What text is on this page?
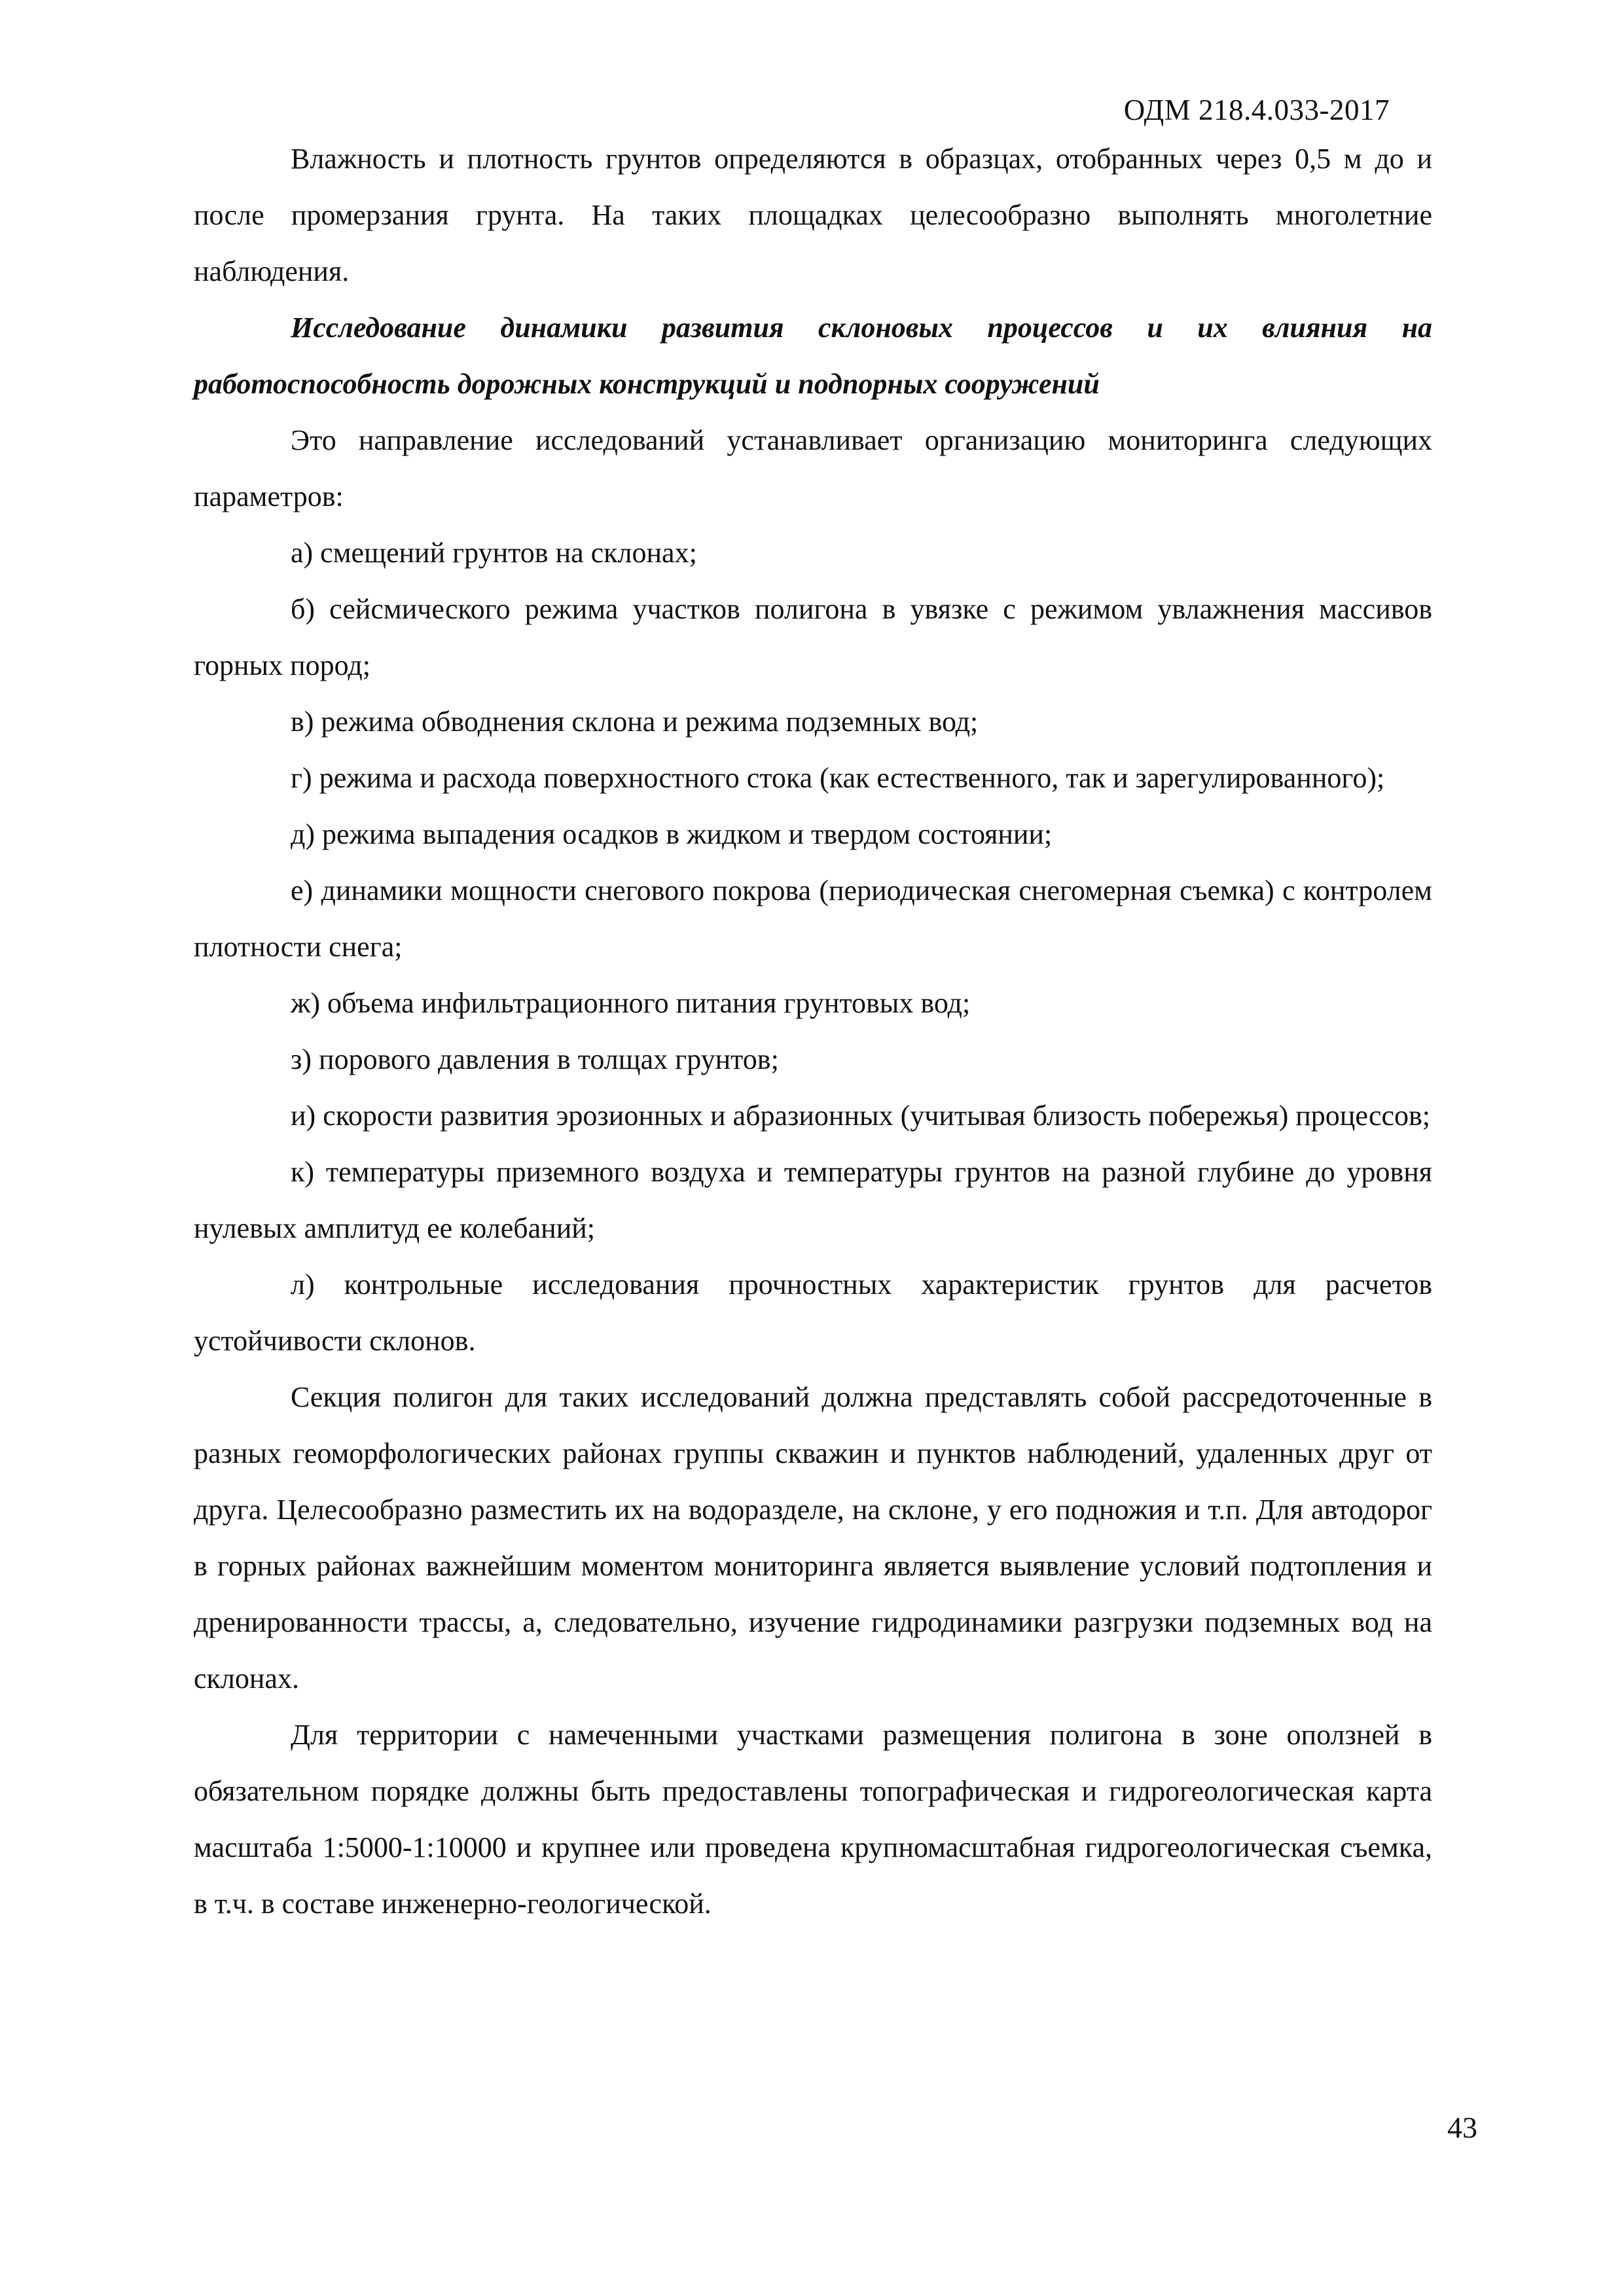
ОДМ 218.4.033-2017

Влажность и плотность грунтов определяются в образцах, отобранных через 0,5 м до и после промерзания грунта. На таких площадках целесообразно выполнять многолетние наблюдения.

Исследование динамики развития склоновых процессов и их влияния на работоспособность дорожных конструкций и подпорных сооружений

Это направление исследований устанавливает организацию мониторинга следующих параметров:

а) смещений грунтов на склонах;

б) сейсмического режима участков полигона в увязке с режимом увлажнения массивов горных пород;

в) режима обводнения склона и режима подземных вод;

г) режима и расхода поверхностного стока (как естественного, так и зарегулированного);

д) режима выпадения осадков в жидком и твердом состоянии;

е) динамики мощности снегового покрова (периодическая снегомерная съемка) с контролем плотности снега;

ж) объема инфильтрационного питания грунтовых вод;

з) порового давления в толщах грунтов;

и) скорости развития эрозионных и абразионных (учитывая близость побережья) процессов;

к) температуры приземного воздуха и температуры грунтов на разной глубине до уровня нулевых амплитуд ее колебаний;

л) контрольные исследования прочностных характеристик грунтов для расчетов устойчивости склонов.

Секция полигон для таких исследований должна представлять собой рассредоточенные в разных геоморфологических районах группы скважин и пунктов наблюдений, удаленных друг от друга. Целесообразно разместить их на водоразделе, на склоне, у его подножия и т.п. Для автодорог в горных районах важнейшим моментом мониторинга является выявление условий подтопления и дренированности трассы, а, следовательно, изучение гидродинамики разгрузки подземных вод на склонах.

Для территории с намеченными участками размещения полигона в зоне оползней в обязательном порядке должны быть предоставлены топографическая и гидрогеологическая карта масштаба 1:5000-1:10000 и крупнее или проведена крупномасштабная гидрогеологическая съемка, в т.ч. в составе инженерно-геологической.

43
